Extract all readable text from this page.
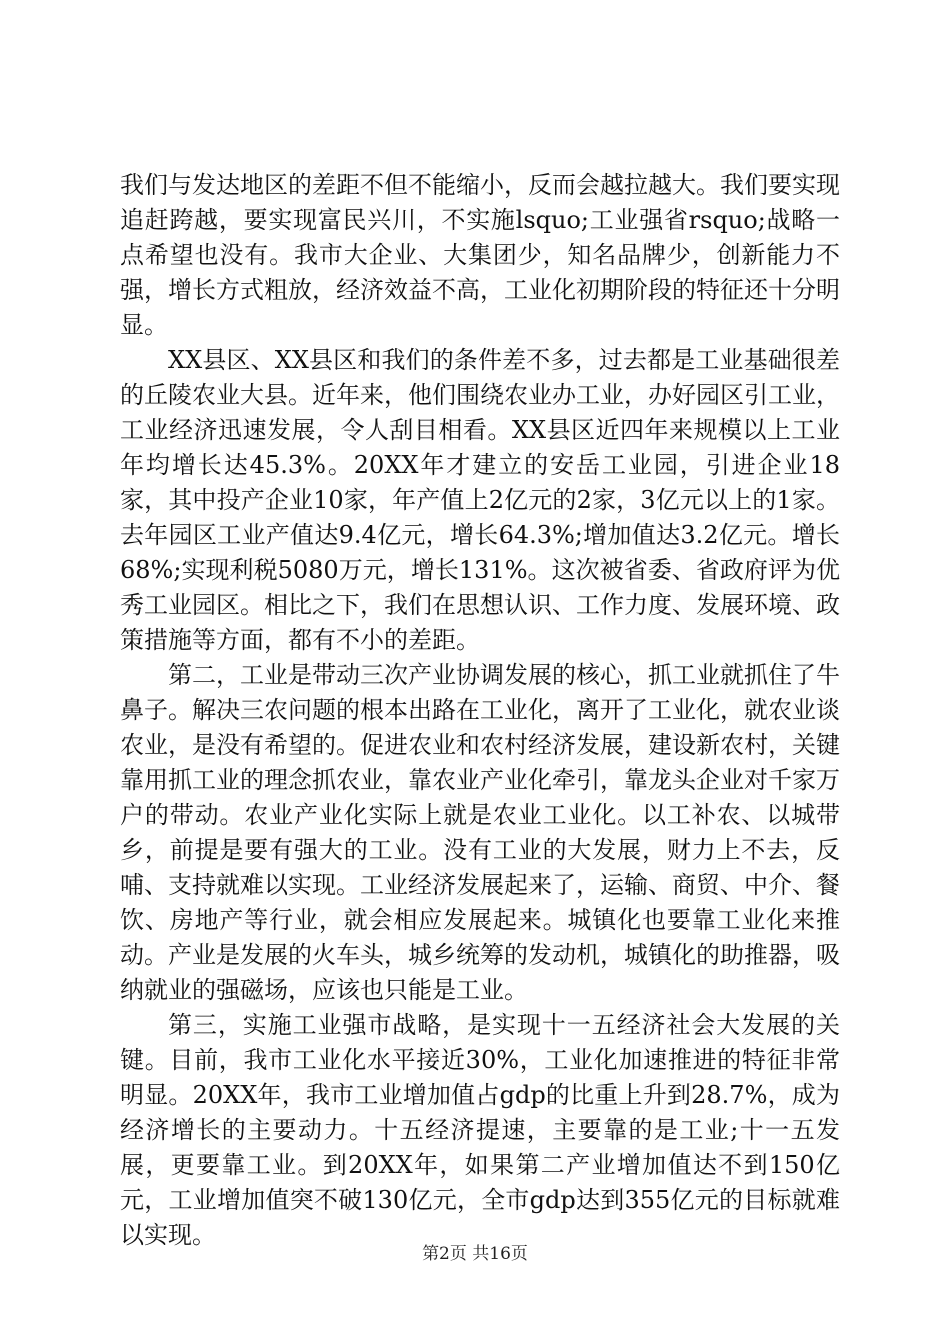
我们与发达地区的差距不但不能缩小，反而会越拉越大。我们要实现追赶跨越，要实现富民兴川，不实施lsquo;工业强省rsquo;战略一点希望也没有。我市大企业、大集团少，知名品牌少，创新能力不强，增长方式粗放，经济效益不高，工业化初期阶段的特征还十分明显。

XX县区、XX县区和我们的条件差不多，过去都是工业基础很差的丘陵农业大县。近年来，他们围绕农业办工业，办好园区引工业，工业经济迅速发展，令人刮目相看。XX县区近四年来规模以上工业年均增长达45.3%。20XX年才建立的安岳工业园，引进企业18家，其中投产企业10家，年产值上2亿元的2家，3亿元以上的1家。去年园区工业产值达9.4亿元，增长64.3%;增加值达3.2亿元。增长68%;实现利税5080万元，增长131%。这次被省委、省政府评为优秀工业园区。相比之下，我们在思想认识、工作力度、发展环境、政策措施等方面，都有不小的差距。

第二，工业是带动三次产业协调发展的核心，抓工业就抓住了牛鼻子。解决三农问题的根本出路在工业化，离开了工业化，就农业谈农业，是没有希望的。促进农业和农村经济发展，建设新农村，关键靠用抓工业的理念抓农业，靠农业产业化牵引，靠龙头企业对千家万户的带动。农业产业化实际上就是农业工业化。以工补农、以城带乡，前提是要有强大的工业。没有工业的大发展，财力上不去，反哺、支持就难以实现。工业经济发展起来了，运输、商贸、中介、餐饮、房地产等行业，就会相应发展起来。城镇化也要靠工业化来推动。产业是发展的火车头，城乡统筹的发动机，城镇化的助推器，吸纳就业的强磁场，应该也只能是工业。

第三，实施工业强市战略，是实现十一五经济社会大发展的关键。目前，我市工业化水平接近30%，工业化加速推进的特征非常明显。20XX年，我市工业增加值占gdp的比重上升到28.7%，成为经济增长的主要动力。十五经济提速，主要靠的是工业;十一五发展，更要靠工业。到20XX年，如果第二产业增加值达不到150亿元，工业增加值突不破130亿元，全市gdp达到355亿元的目标就难以实现。

第2页 共16页
